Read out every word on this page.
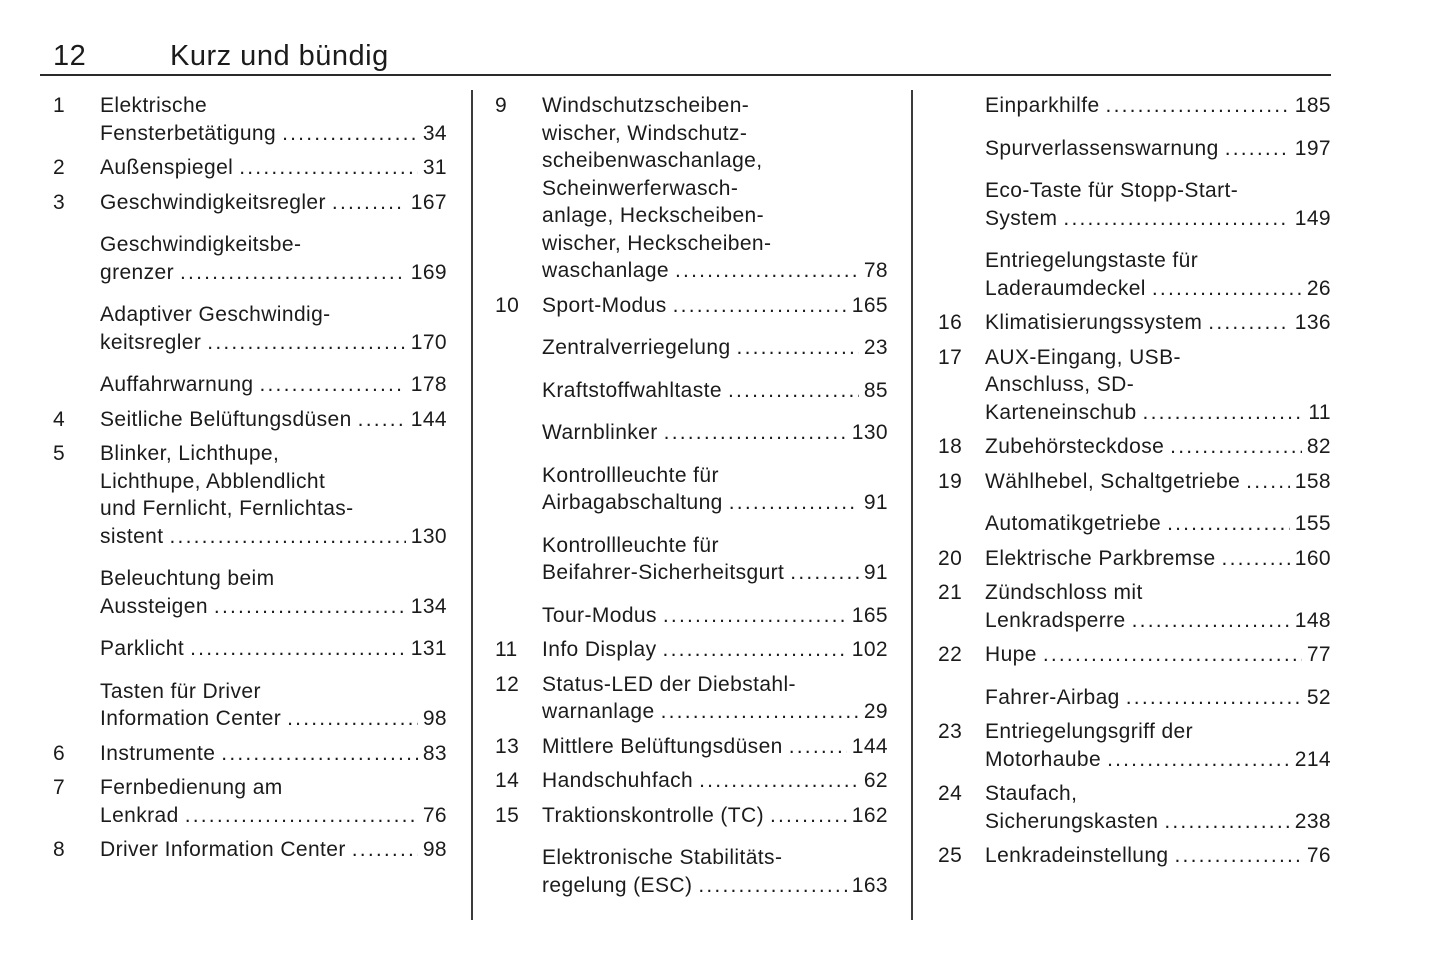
12	Kurz und bündig
1 Elektrische
Fensterbetätigung .....	34
2 Außenspiegel .....	31
3 Geschwindigkeitsregler .....	167
Geschwindigkeitsbe-
grenzer .....	169
Adaptiver Geschwindig-
keitsregler .....	170
Auffahrwarnung .....	178
4 Seitliche Belüftungsdüsen .....	144
5 Blinker, Lichthupe,
Lichthupe, Abblendlicht
und Fernlicht, Fernlichtas-
sistent .....	130
Beleuchtung beim
Aussteigen .....	134
Parklicht .....	131
Tasten für Driver
Information Center .....	98
6 Instrumente .....	83
7 Fernbedienung am
Lenkrad .....	76
8 Driver Information Center .....	98
9 Windschutzscheiben-
wischer, Windschutz-
scheibenwaschanlage,
Scheinwerferwasch-
anlage, Heckscheiben-
wischer, Heckscheiben-
waschanlage .....	78
10 Sport-Modus .....	165
Zentralverriegelung .....	23
Kraftstoffwahltaste .....	85
Warnblinker .....	130
Kontrollleuchte für
Airbagabschaltung .....	91
Kontrollleuchte für
Beifahrer-Sicherheitsgurt .....	91
Tour-Modus .....	165
11 Info Display .....	102
12 Status-LED der Diebstahl-
warnanlage .....	29
13 Mittlere Belüftungsdüsen .....	144
14 Handschuhfach .....	62
15 Traktionskontrolle (TC) .....	162
Elektronische Stabilitäts-
regelung (ESC) .....	163
Einparkhilfe .....	185
Spurverlassenswarnung .....	197
Eco-Taste für Stopp-Start-
System .....	149
Entriegelungstaste für
Laderaumdeckel .....	26
16 Klimatisierungssystem .....	136
17 AUX-Eingang, USB-
Anschluss, SD-
Karteneinschub .....	11
18 Zubehörsteckdose .....	82
19 Wählhebel, Schaltgetriebe .....	158
Automatikgetriebe .....	155
20 Elektrische Parkbremse .....	160
21 Zündschloss mit
Lenkradsperre .....	148
22 Hupe .....	77
Fahrer-Airbag .....	52
23 Entriegelungsgriff der
Motorhaube .....	214
24 Staufach,
Sicherungskasten .....	238
25 Lenkradeinstellung .....	76
